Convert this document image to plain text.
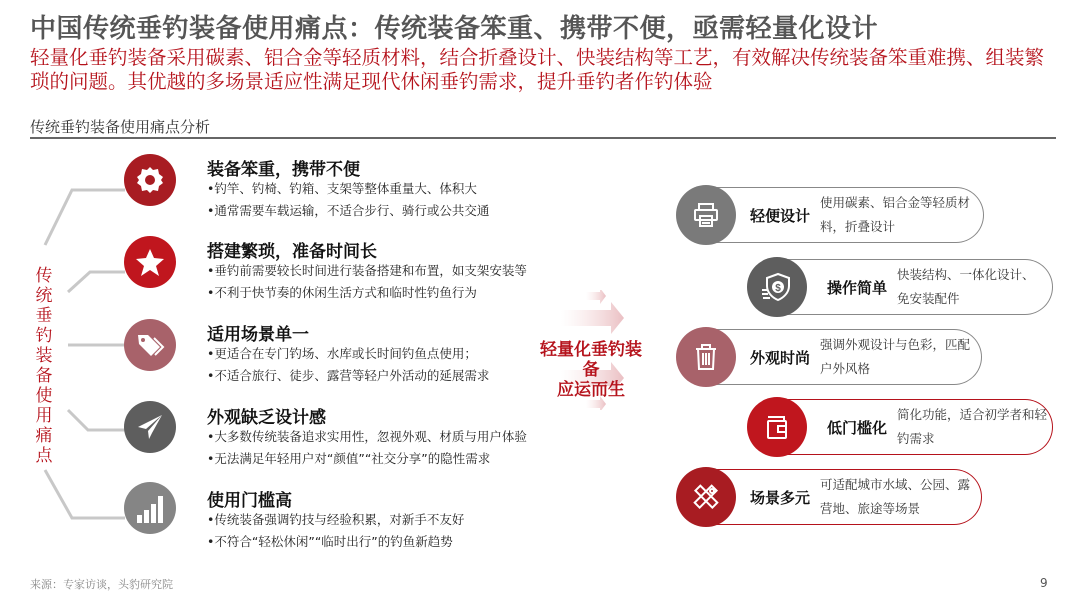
中国传统垂钓装备使用痛点：传统装备笨重、携带不便，亟需轻量化设计
轻量化垂钓装备采用碳素、铝合金等轻质材料，结合折叠设计、快装结构等工艺，有效解决传统装备笨重难携、组装繁琐的问题。其优越的多场景适应性满足现代休闲垂钓需求，提升垂钓者作钓体验
传统垂钓装备使用痛点分析
传统垂钓装备使用痛点
装备笨重，携带不便
•钓竿、钓椅、钓箱、支架等整体重量大、体积大
•通常需要车载运输，不适合步行、骑行或公共交通
搭建繁琐，准备时间长
•垂钓前需要较长时间进行装备搭建和布置，如支架安装等
•不利于快节奏的休闲生活方式和临时性钓鱼行为
适用场景单一
•更适合在专门钓场、水库或长时间钓鱼点使用；
•不适合旅行、徒步、露营等轻户外活动的延展需求
外观缺乏设计感
•大多数传统装备追求实用性，忽视外观、材质与用户体验
•无法满足年轻用户对“颜值”“社交分享”的隐性需求
使用门槛高
•传统装备强调钓技与经验积累，对新手不友好
•不符合“轻松休闲”“临时出行”的钓鱼新趋势
轻量化垂钓装备
应运而生
轻便设计
使用碳素、铝合金等轻质材料，折叠设计
操作简单
快装结构、一体化设计、免安装配件
$
外观时尚
强调外观设计与色彩，匹配户外风格
低门槛化
简化功能，适合初学者和轻钓需求
场景多元
可适配城市水域、公园、露营地、旅途等场景
来源：专家访谈，头豹研究院	9
